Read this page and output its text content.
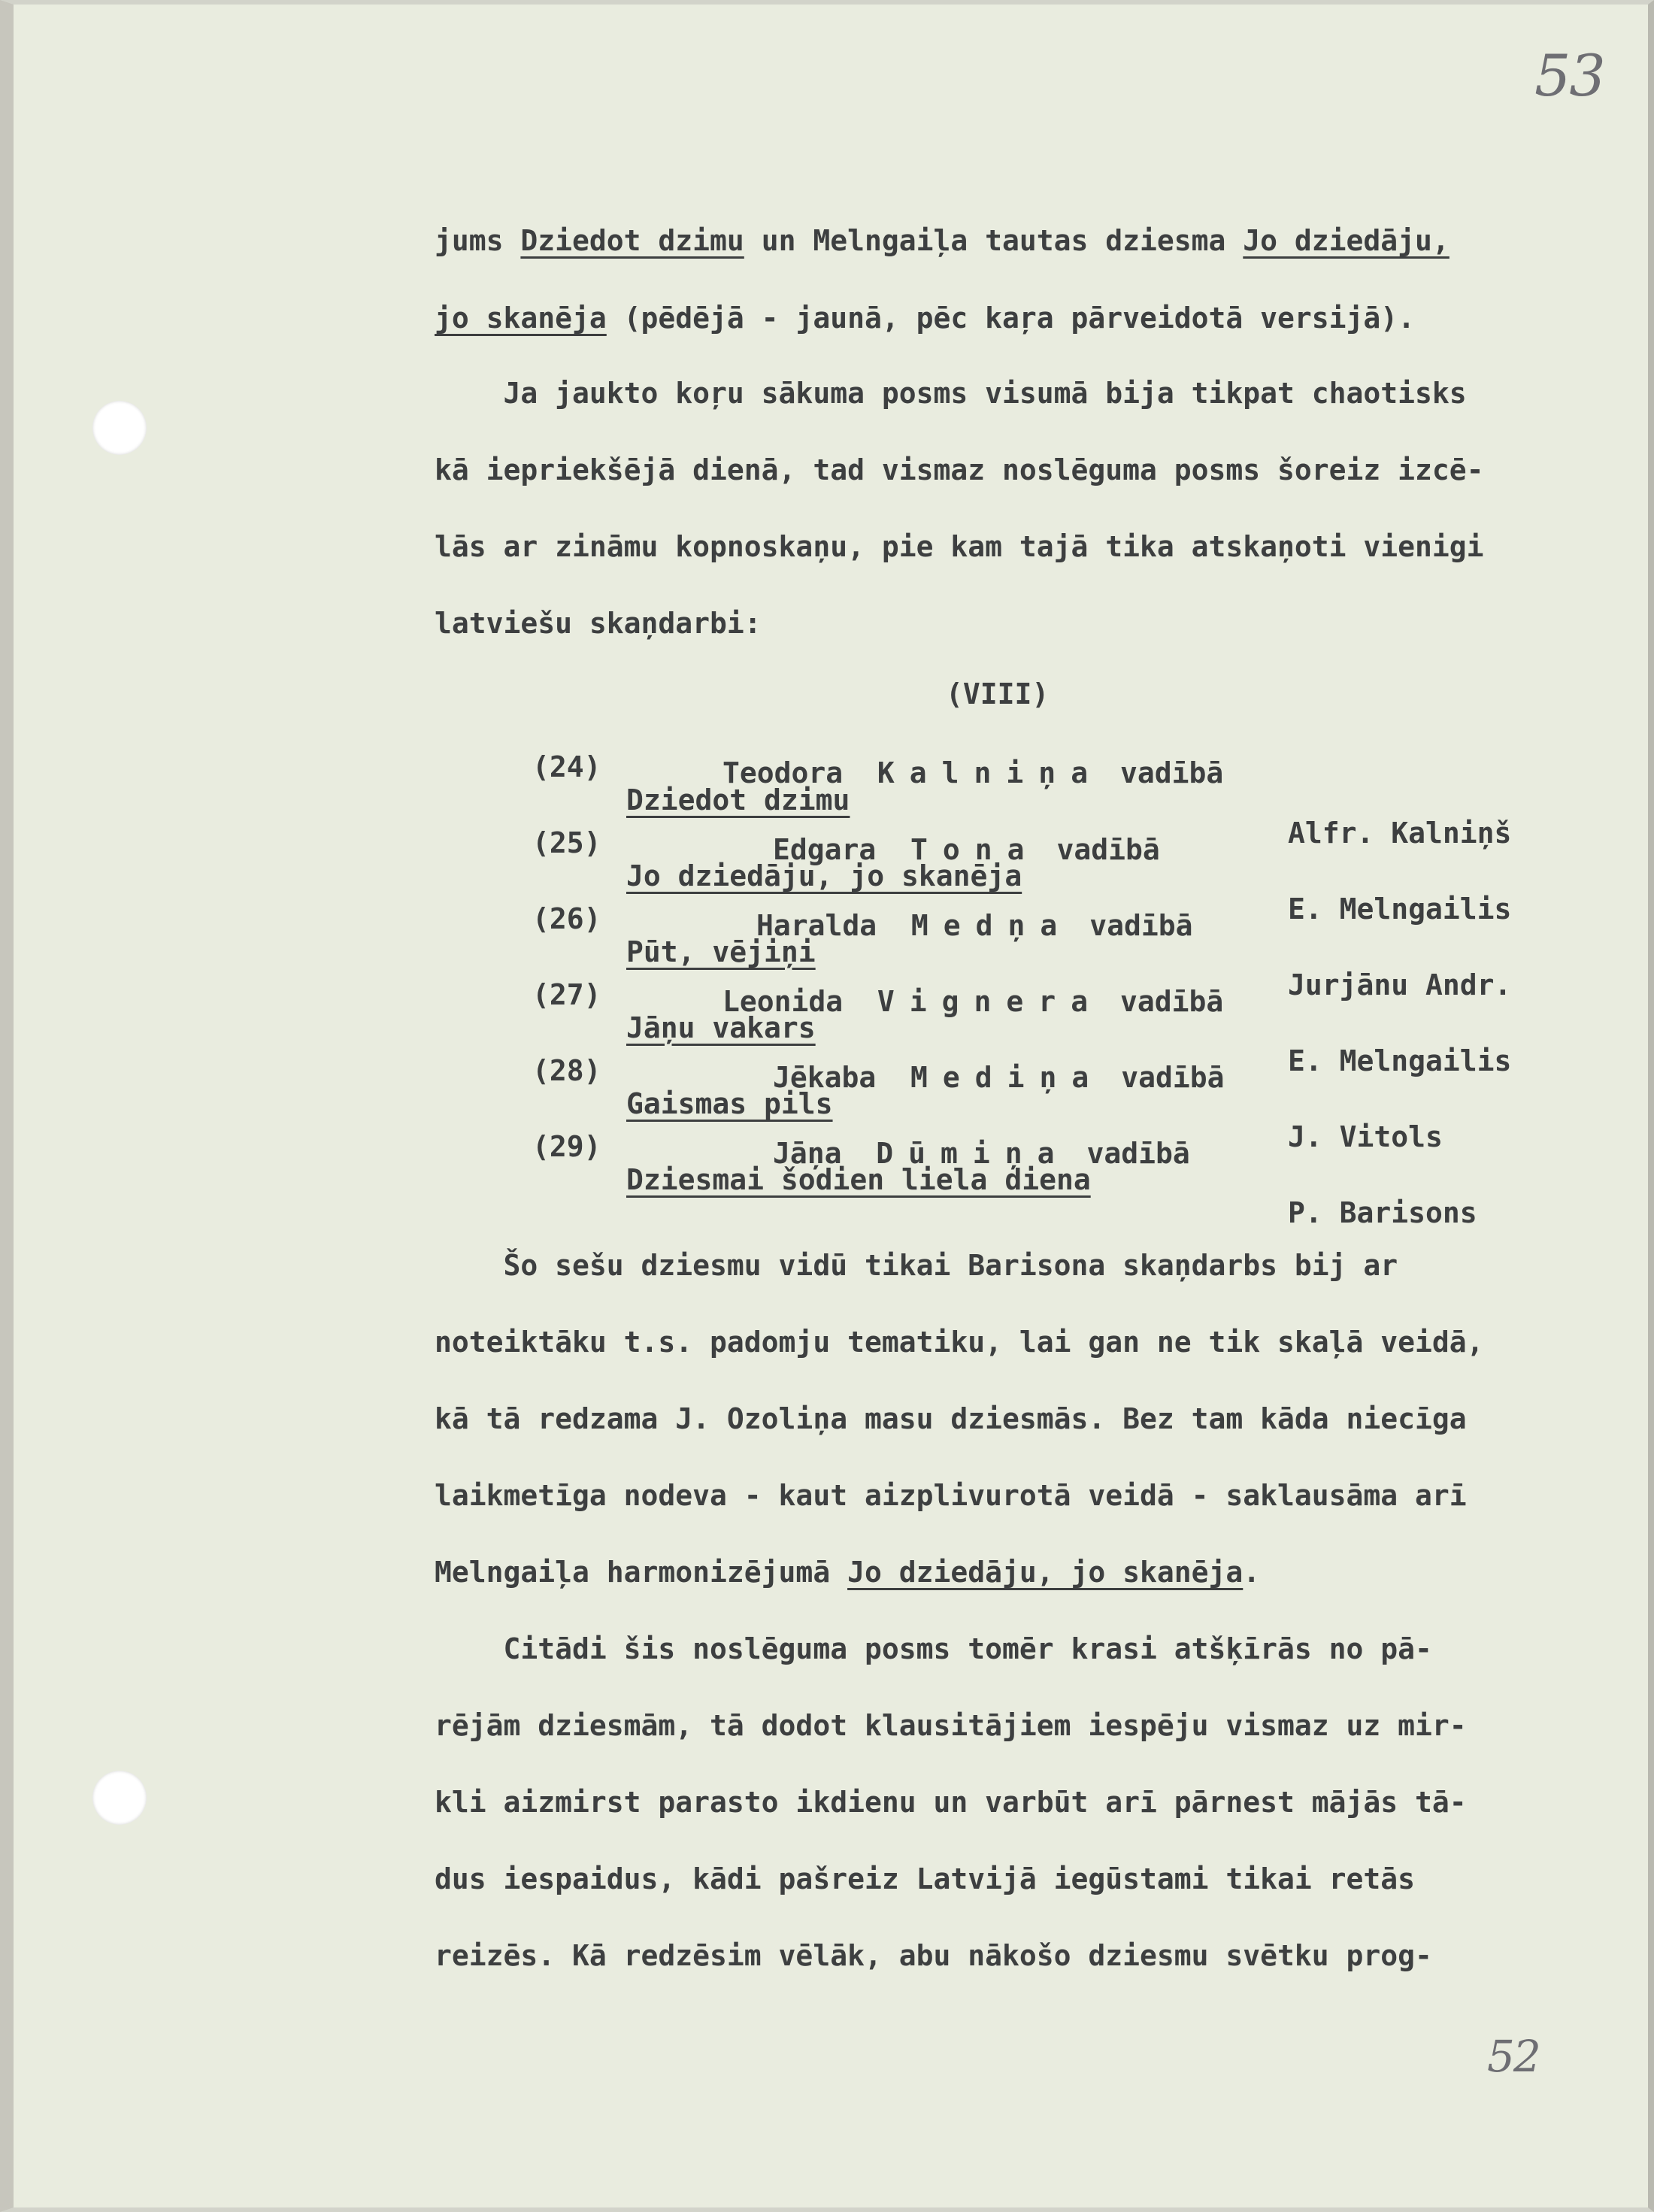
53
52
jums Dziedot dzimu un Melngaiļa tautas dziesma Jo dziedāju,
jo skanēja (pēdējā - jaunā, pēc kaŗa pārveidotā versijā).
Ja jaukto koŗu sākuma posms visumā bija tikpat chaotisks
kā iepriekšējā dienā, tad vismaz noslēguma posms šoreiz izcē-
lās ar zināmu kopnoskaņu, pie kam tajā tika atskaņoti vienigi
latviešu skaņdarbi:
(VIII)

(24)

Dziedot dzimu

Alfr. Kalniņš

Teodora Kalniņa vadībā

(25)

Jo dziedāju, jo skanēja

E. Melngailis

Edgara Tona vadībā

(26)

Pūt, vējiņi

Jurjānu Andr.

Haralda Medņa vadībā

(27)

Jāņu vakars

E. Melngailis

Leonida Vignera vadībā

(28)

Gaismas pils

J. Vitols

Jēkaba Mediņa vadībā

(29)

Dziesmai šodien liela diena

P. Barisons

Jāņa Dūmiņa vadībā
Šo sešu dziesmu vidū tikai Barisona skaņdarbs bij ar
noteiktāku t.s. padomju tematiku, lai gan ne tik skaļā veidā,
kā tā redzama J. Ozoliņa masu dziesmās. Bez tam kāda niecīga
laikmetīga nodeva - kaut aizplivurotā veidā - saklausāma arī
Melngaiļa harmonizējumā Jo dziedāju, jo skanēja.
Citādi šis noslēguma posms tomēr krasi atšķīrās no pā-
rējām dziesmām, tā dodot klausitājiem iespēju vismaz uz mir-
kli aizmirst parasto ikdienu un varbūt arī pārnest mājās tā-
dus iespaidus, kādi pašreiz Latvijā iegūstami tikai retās
reizēs. Kā redzēsim vēlāk, abu nākošo dziesmu svētku prog-
